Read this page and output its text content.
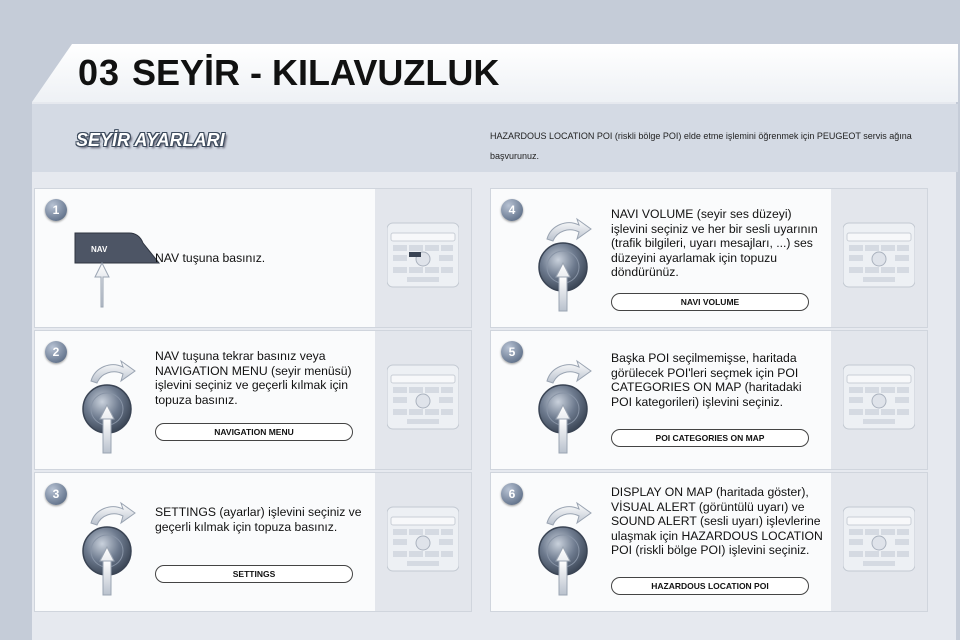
03 SEYİR - KILAVUZLUK
SEYİR AYARLARI	HAZARDOUS LOCATION POI (riskli bölge POI) elde etme işlemini öğrenmek için PEUGEOT servis ağına başvurunuz.
1
NAV
NAV tuşuna basınız.
2	NAV tuşuna tekrar basınız veya NAVIGATION MENU (seyir menüsü) işlevini seçiniz ve geçerli kılmak için topuza basınız.
NAVIGATION MENU
3
SETTINGS (ayarlar) işlevini seçiniz ve geçerli kılmak için topuza basınız.
SETTINGS
4	NAVI VOLUME (seyir ses düzeyi) işlevini seçiniz ve her bir sesli uyarının (trafik bilgileri, uyarı mesajları, ...) ses düzeyini ayarlamak için topuzu döndürünüz.
NAVI VOLUME
5	Başka POI seçilmemişse, haritada görülecek POI'leri seçmek için POI CATEGORIES ON MAP (haritadaki POI kategorileri) işlevini seçiniz.
POI CATEGORIES ON MAP
6	DISPLAY ON MAP (haritada göster), VİSUAL ALERT (görüntülü uyarı) ve SOUND ALERT (sesli uyarı) işlevlerine ulaşmak için HAZARDOUS LOCATION POI (riskli bölge POI) işlevini seçiniz.
HAZARDOUS LOCATION POI
